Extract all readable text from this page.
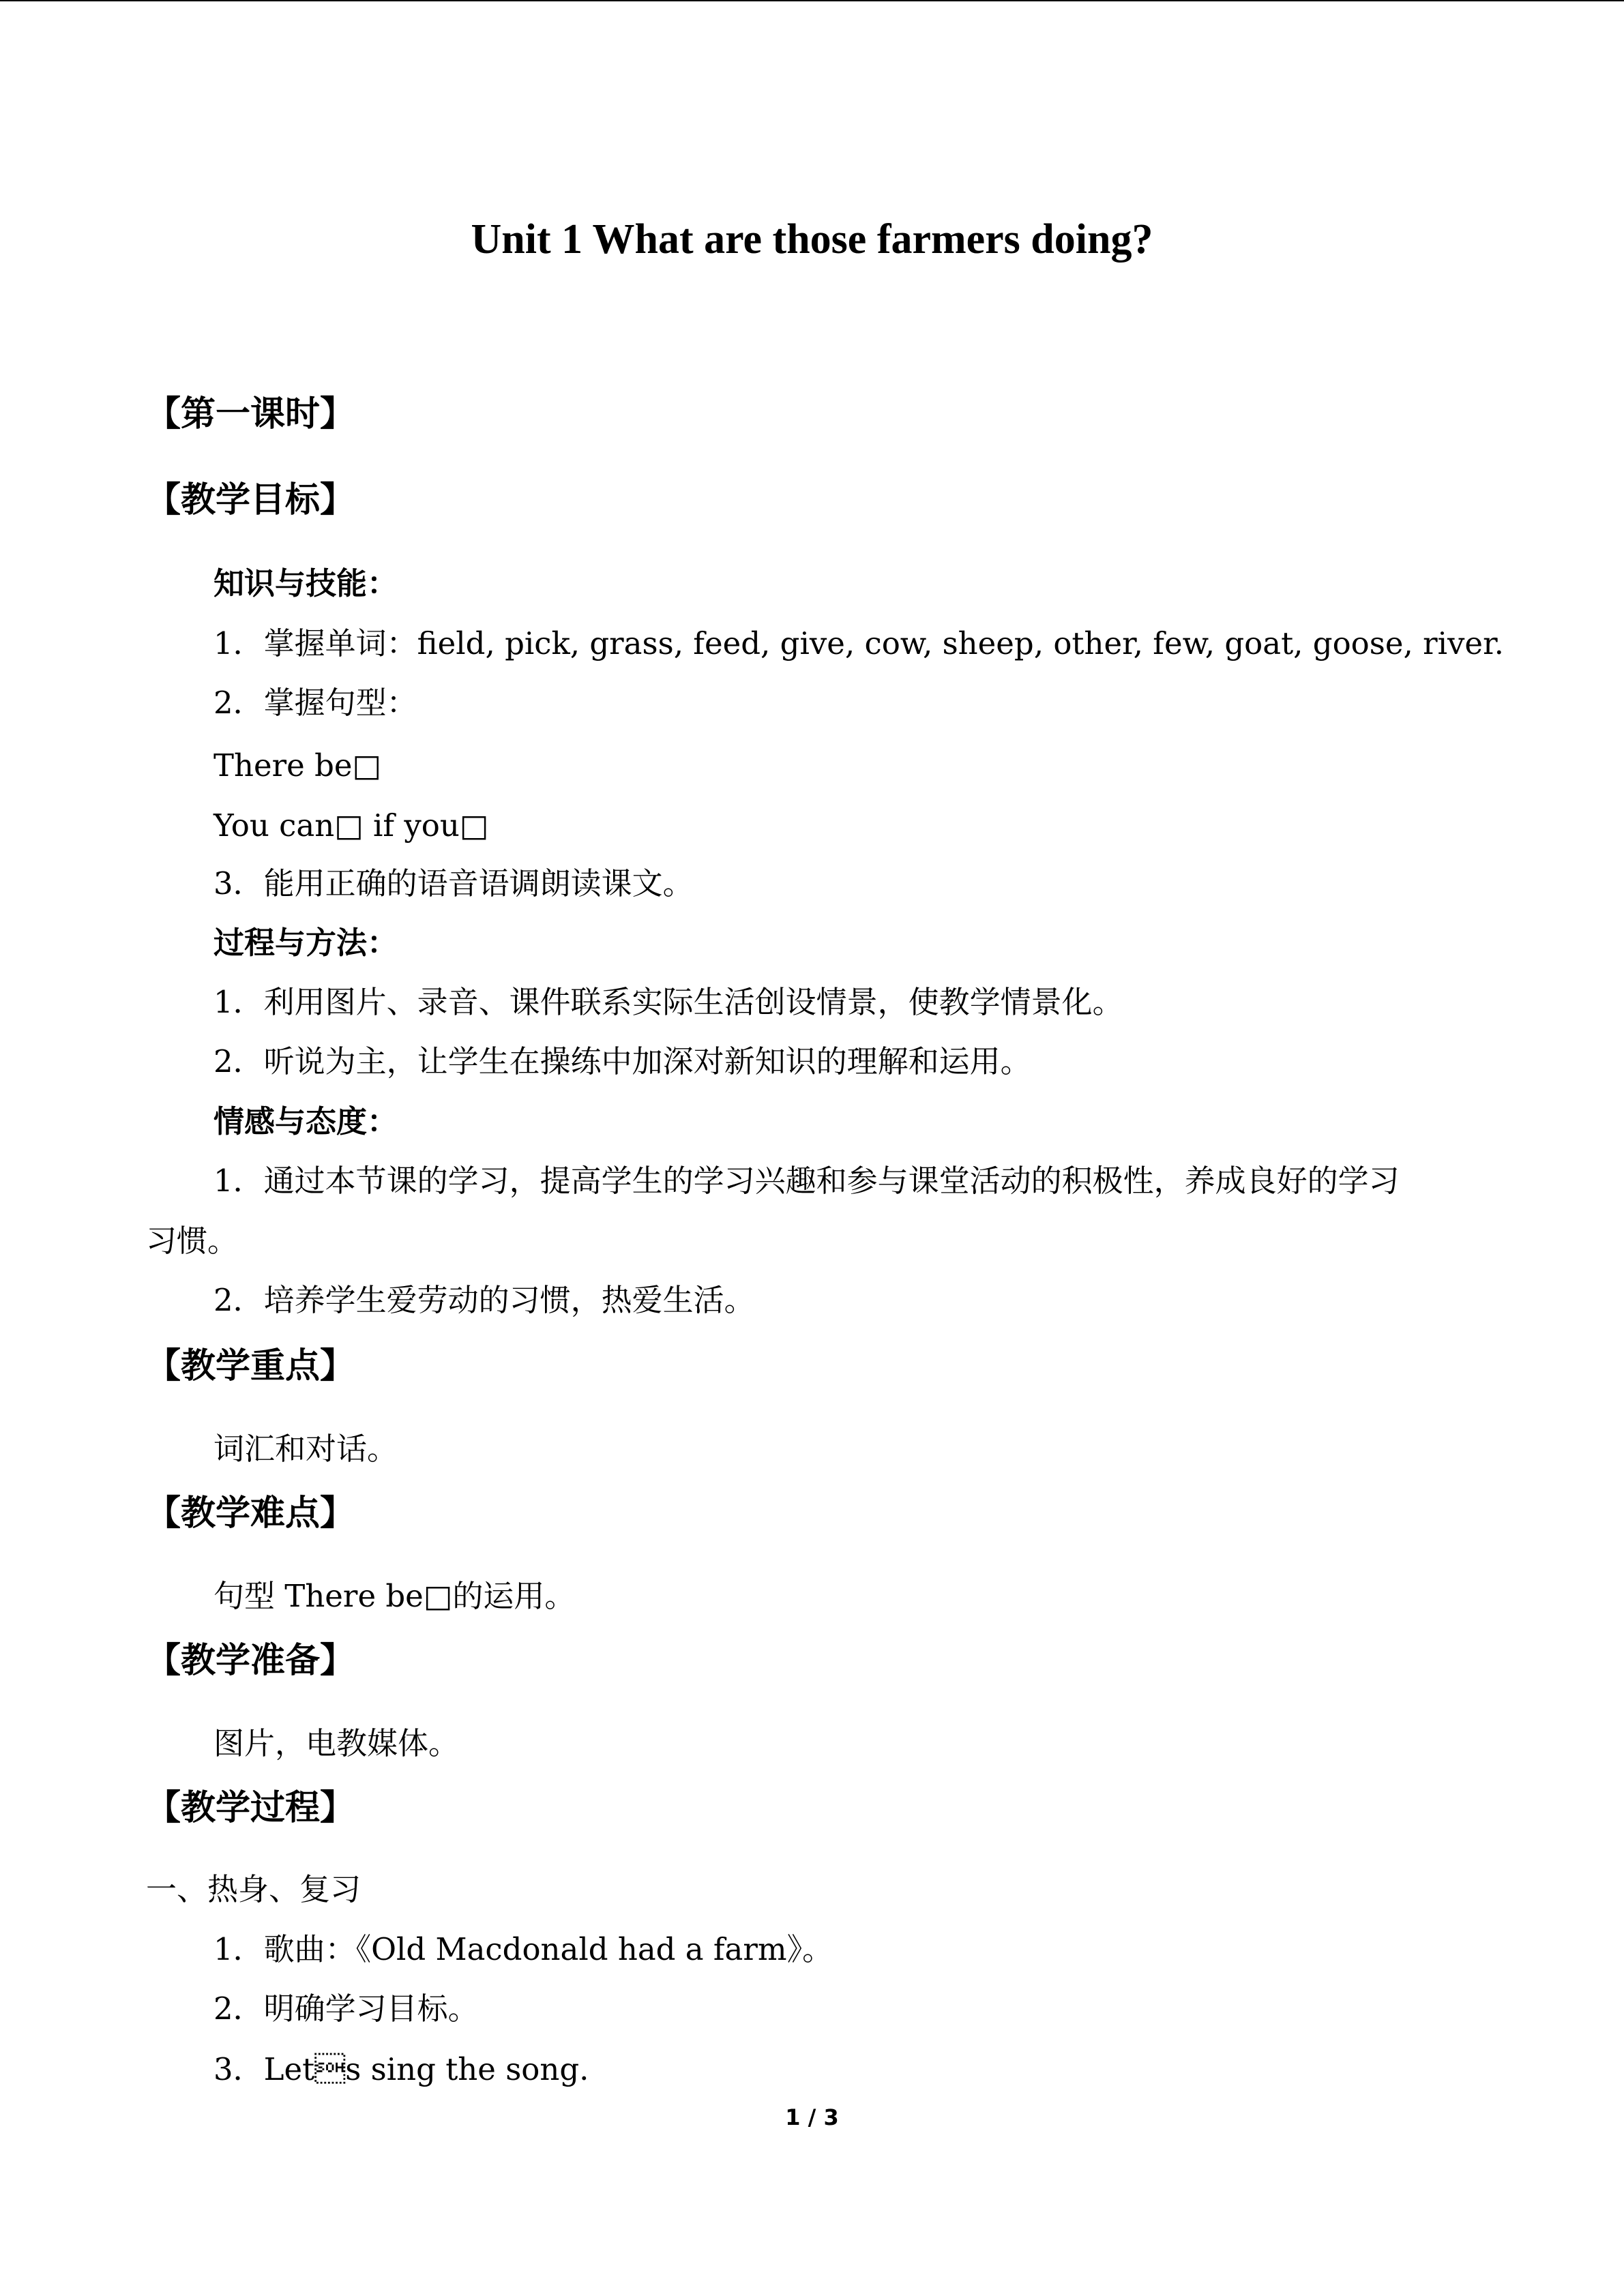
Unit 1 What are those farmers doing?
【第一课时】
【教学目标】
知识与技能：
1．掌握单词：field, pick, grass, feed, give, cow, sheep, other, few, goat, goose, river.
2．掌握句型：
There be□
You can□ if you□
3．能用正确的语音语调朗读课文。
过程与方法：
1．利用图片、录音、课件联系实际生活创设情景，使教学情景化。
2．听说为主，让学生在操练中加深对新知识的理解和运用。
情感与态度：
1．通过本节课的学习，提高学生的学习兴趣和参与课堂活动的积极性，养成良好的学习
习惯。
2．培养学生爱劳动的习惯，热爱生活。
【教学重点】
词汇和对话。
【教学难点】
句型 There be□的运用。
【教学准备】
图片，电教媒体。
【教学过程】
一、热身、复习
1．歌曲：《Old Macdonald had a farm》。
2．明确学习目标。
3．Lets sing the song.
1 / 3
